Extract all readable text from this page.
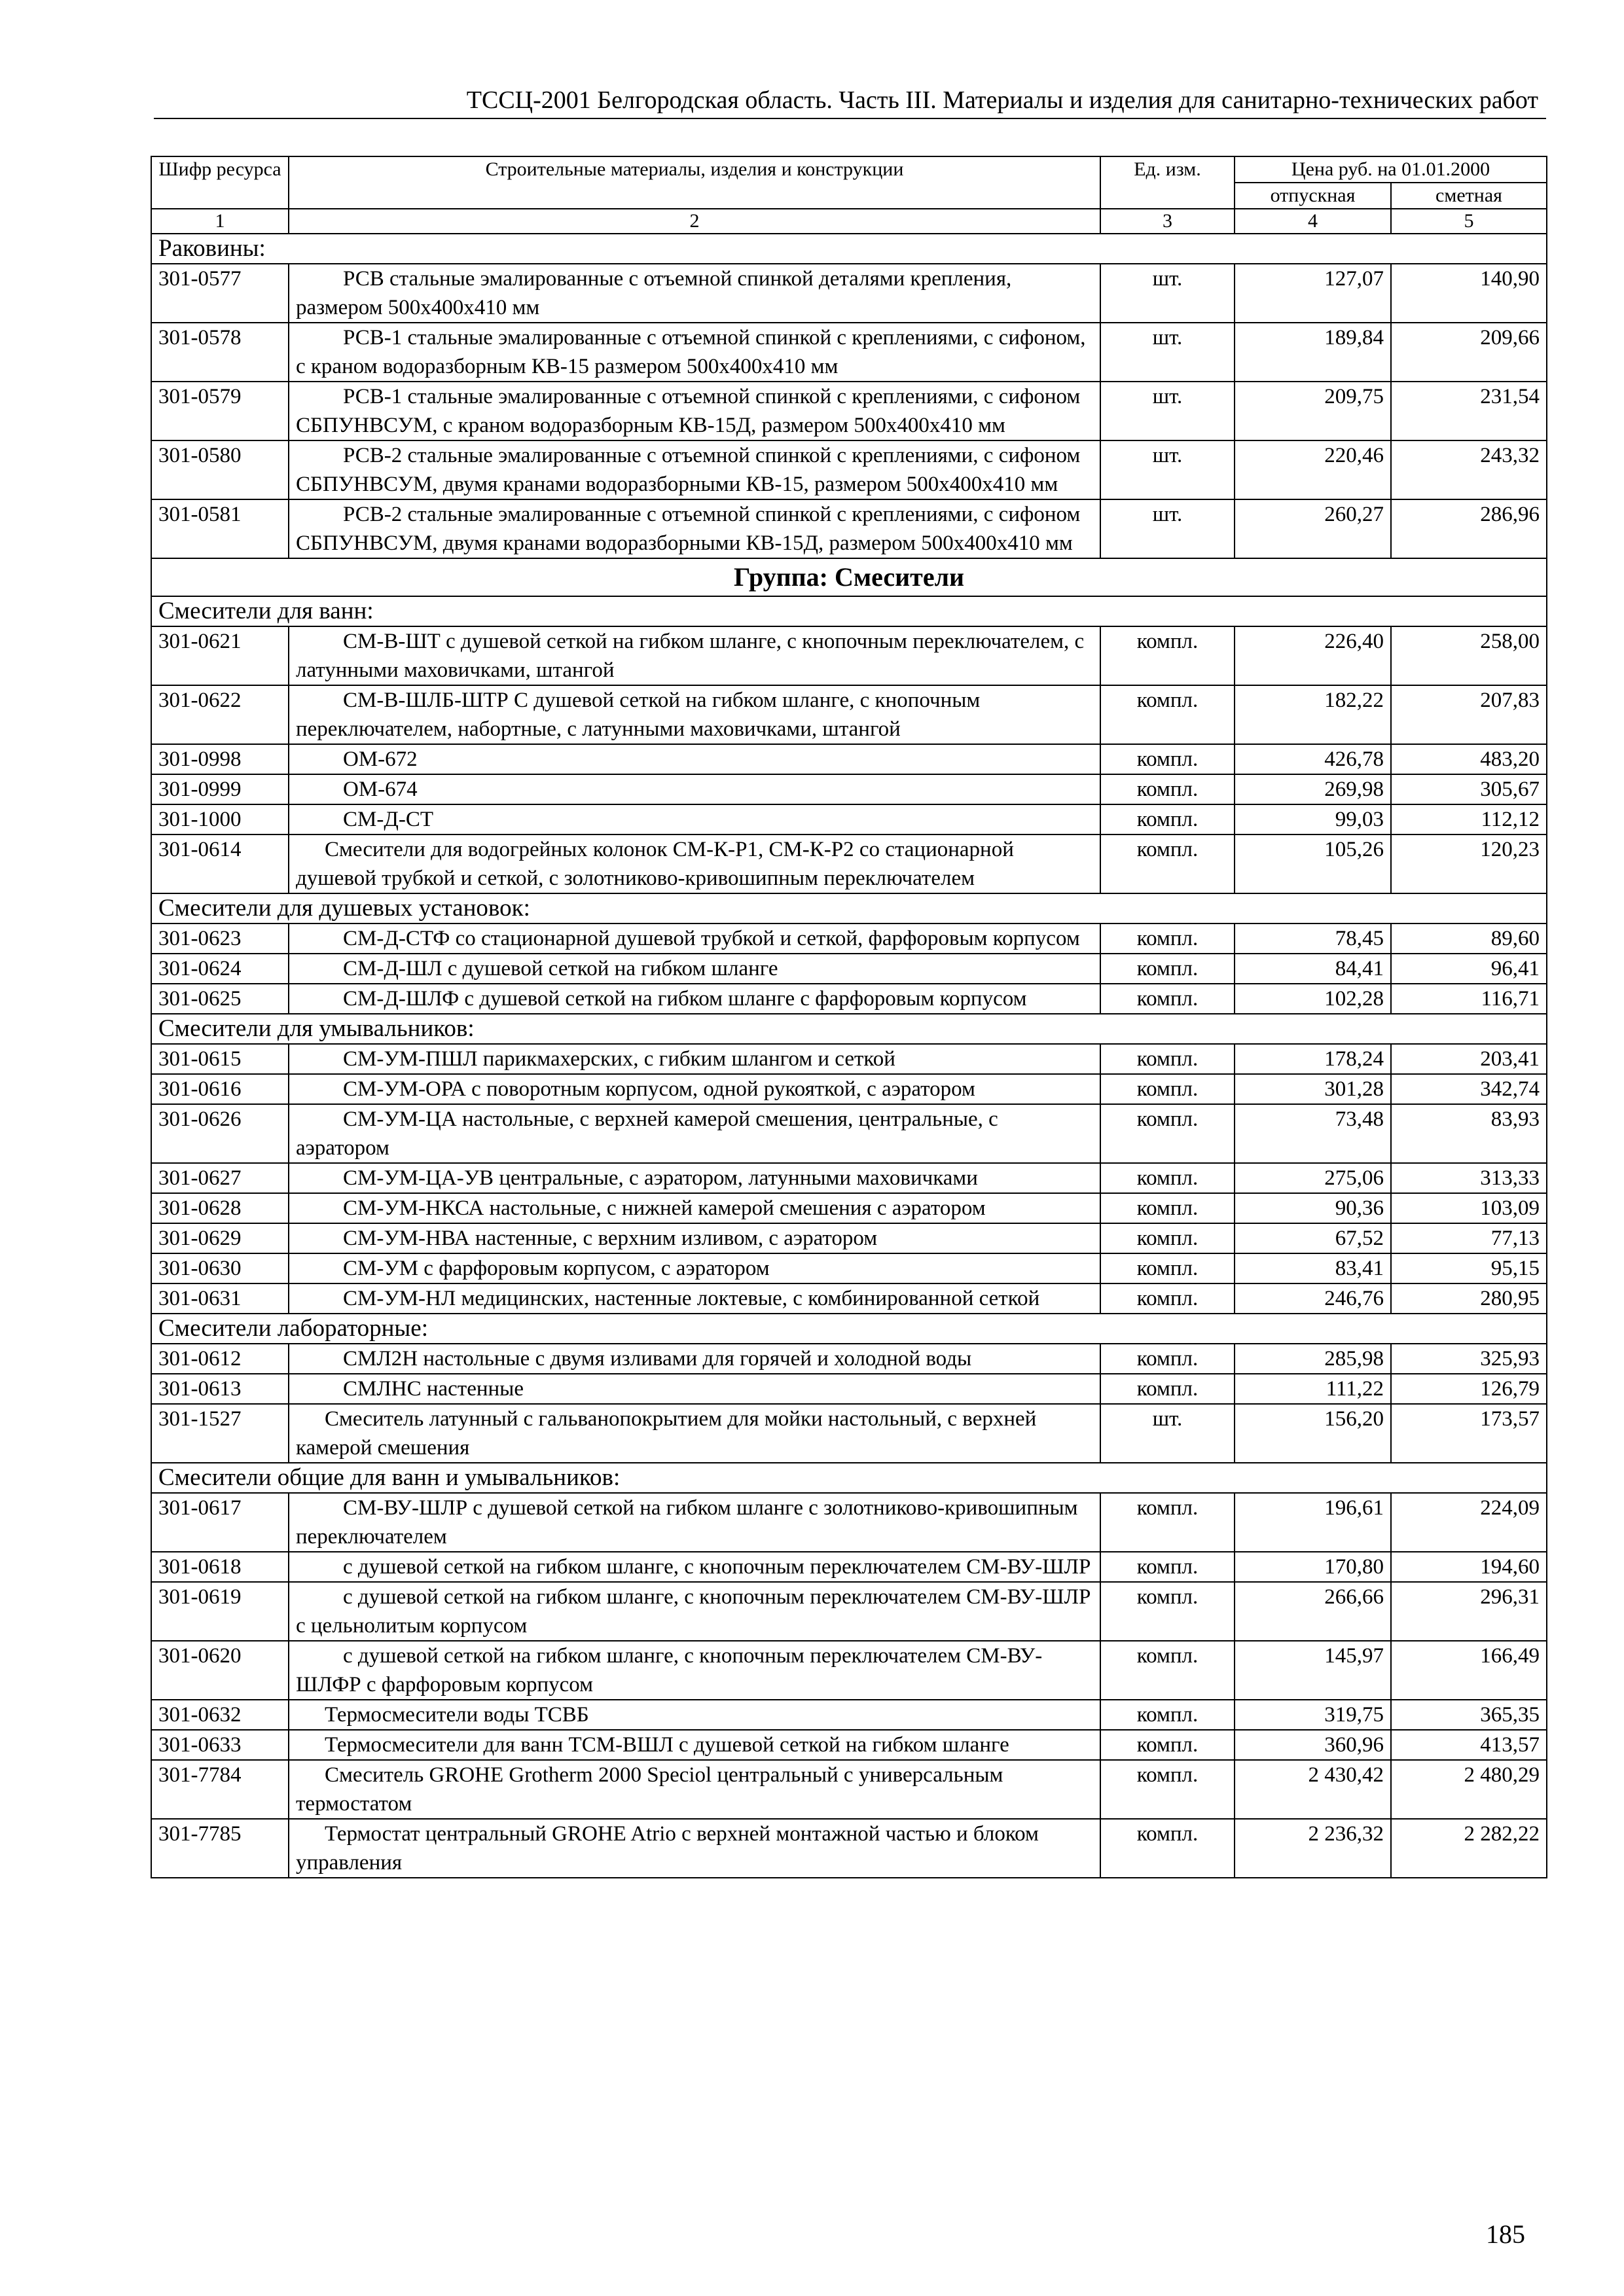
ТССЦ-2001 Белгородская область. Часть III. Материалы и изделия для санитарно-технических работ
Шифр ресурса	Строительные материалы, изделия и конструкции	Ед. изм.	Цена руб. на 01.01.2000	
			отпускная	сметная
1	2	3	4	5
Раковины:				
301-0577	РСВ стальные эмалированные с отъемной спинкой деталями крепления, размером 500х400х410 мм	шт.	127,07	140,90
301-0578	РСВ-1 стальные эмалированные с отъемной спинкой с креплениями, с сифоном, с краном водоразборным КВ-15 размером 500х400х410 мм	шт.	189,84	209,66
301-0579	РСВ-1 стальные эмалированные с отъемной спинкой с креплениями, с сифоном СБПУНВСУМ, с краном водоразборным КВ-15Д, размером 500х400х410 мм	шт.	209,75	231,54
301-0580	РСВ-2 стальные эмалированные с отъемной спинкой с креплениями, с сифоном СБПУНВСУМ, двумя кранами водоразборными КВ-15, размером 500х400х410 мм	шт.	220,46	243,32
301-0581	РСВ-2 стальные эмалированные с отъемной спинкой с креплениями, с сифоном СБПУНВСУМ, двумя кранами водоразборными КВ-15Д, размером 500х400х410 мм	шт.	260,27	286,96
Группа: Смесители				
Смесители для ванн:				
301-0621	СМ-В-ШТ с душевой сеткой на гибком шланге, с кнопочным переключателем, с латунными маховичками, штангой	компл.	226,40	258,00
301-0622	СМ-В-ШЛБ-ШТР С душевой сеткой на гибком шланге, с кнопочным переключателем, набортные, с латунными маховичками, штангой	компл.	182,22	207,83
301-0998	ОМ-672	компл.	426,78	483,20
301-0999	ОМ-674	компл.	269,98	305,67
301-1000	СМ-Д-СТ	компл.	99,03	112,12
301-0614	Смесители для водогрейных колонок СМ-К-Р1, СМ-К-Р2 со стационарной душевой трубкой и сеткой, с золотниково-кривошипным переключателем	компл.	105,26	120,23
Смесители для душевых установок:				
301-0623	СМ-Д-СТФ со стационарной душевой трубкой и сеткой, фарфоровым корпусом	компл.	78,45	89,60
301-0624	СМ-Д-ШЛ с душевой сеткой на гибком шланге	компл.	84,41	96,41
301-0625	СМ-Д-ШЛФ с душевой сеткой на гибком шланге с фарфоровым корпусом	компл.	102,28	116,71
Смесители для умывальников:				
301-0615	СМ-УМ-ПШЛ парикмахерских, с гибким шлангом и сеткой	компл.	178,24	203,41
301-0616	СМ-УМ-ОРА с поворотным корпусом, одной рукояткой, с аэратором	компл.	301,28	342,74
301-0626	СМ-УМ-ЦА настольные, с верхней камерой смешения, центральные, с аэратором	компл.	73,48	83,93
301-0627	СМ-УМ-ЦА-УВ центральные, с аэратором, латунными маховичками	компл.	275,06	313,33
301-0628	СМ-УМ-НКСА настольные, с нижней камерой смешения с аэратором	компл.	90,36	103,09
301-0629	СМ-УМ-НВА настенные, с верхним изливом, с аэратором	компл.	67,52	77,13
301-0630	СМ-УМ с фарфоровым корпусом, с аэратором	компл.	83,41	95,15
301-0631	СМ-УМ-НЛ медицинских, настенные локтевые, с комбинированной сеткой	компл.	246,76	280,95
Смесители лабораторные:				
301-0612	СМЛ2Н настольные с двумя изливами для горячей и холодной воды	компл.	285,98	325,93
301-0613	СМЛНС настенные	компл.	111,22	126,79
301-1527	Смеситель латунный с гальванопокрытием для мойки настольный, с верхней камерой смешения	шт.	156,20	173,57
Смесители общие для ванн и умывальников:				
301-0617	СМ-ВУ-ШЛР с душевой сеткой на гибком шланге с золотниково-кривошипным переключателем	компл.	196,61	224,09
301-0618	с душевой сеткой на гибком шланге, с кнопочным переключателем СМ-ВУ-ШЛР	компл.	170,80	194,60
301-0619	с душевой сеткой на гибком шланге, с кнопочным переключателем СМ-ВУ-ШЛР с цельнолитым корпусом	компл.	266,66	296,31
301-0620	с душевой сеткой на гибком шланге, с кнопочным переключателем СМ-ВУ-ШЛФР с фарфоровым корпусом	компл.	145,97	166,49
301-0632	Термосмесители воды ТСВБ	компл.	319,75	365,35
301-0633	Термосмесители для ванн ТСМ-ВШЛ с душевой сеткой на гибком шланге	компл.	360,96	413,57
301-7784	Смеситель GROHE Grotherm 2000 Speciol центральный с универсальным термостатом	компл.	2 430,42	2 480,29
301-7785	Термостат центральный GROHE Atrio с верхней монтажной частью и блоком управления	компл.	2 236,32	2 282,22
185
